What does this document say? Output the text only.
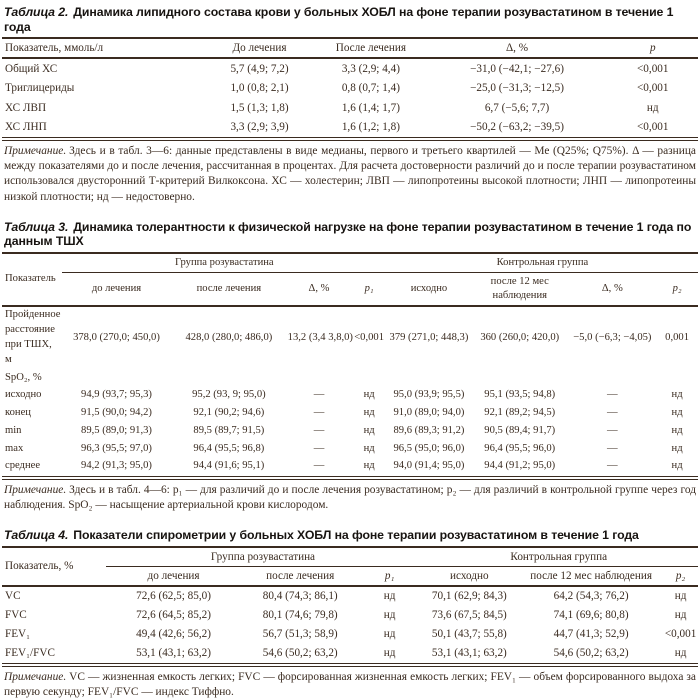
Таблица 2. Динамика липидного состава крови у больных ХОБЛ на фоне терапии розувастатином в течение 1 года

Показатель, ммоль/л	До лечения	После лечения	Δ, %	p
Общий ХС	5,7 (4,9; 7,2)	3,3 (2,9; 4,4)	−31,0 (−42,1; −27,6)	<0,001
Триглицериды	1,0 (0,8; 2,1)	0,8 (0,7; 1,4)	−25,0 (−31,3; −12,5)	<0,001
ХС ЛВП	1,5 (1,3; 1,8)	1,6 (1,4; 1,7)	6,7 (−5,6; 7,7)	нд
ХС ЛНП	3,3 (2,9; 3,9)	1,6 (1,2; 1,8)	−50,2 (−63,2; −39,5)	<0,001

Примечание. Здесь и в табл. 3—6: данные представлены в виде медианы, первого и третьего квартилей — Ме (Q25%; Q75%). Δ — разница между показателями до и после лечения, рассчитанная в процентах. Для расчета достоверности различий до и после терапии розувастатином использовался двусторонний Т-критерий Вилкоксона. ХС — холестерин; ЛВП — липопротеины высокой плотности; ЛНП — липопротеины низкой плотности; нд — недостоверно.

Таблица 3. Динамика толерантности к физической нагрузке на фоне терапии розувастатином в течение 1 года по данным ТШХ

Показатель	Группа розувастатина				Контрольная группа			
	до лечения	после лечения	Δ, %	p₁	исходно	после 12 мес наблюдения	Δ, %	p₂
Пройденное расстояние при ТШХ, м	378,0 (270,0; 450,0)	428,0 (280,0; 486,0)	13,2 (3,4 3,8,0)	<0,001	379 (271,0; 448,3)	360 (260,0; 420,0)	−5,0 (−6,3; −4,05)	0,001
SpO₂, %								
исходно	94,9 (93,7; 95,3)	95,2 (93, 9; 95,0)	—	нд	95,0 (93,9; 95,5)	95,1 (93,5; 94,8)	—	нд
конец	91,5 (90,0; 94,2)	92,1 (90,2; 94,6)	—	нд	91,0 (89,0; 94,0)	92,1 (89,2; 94,5)	—	нд
min	89,5 (89,0; 91,3)	89,5 (89,7; 91,5)	—	нд	89,6 (89,3; 91,2)	90,5 (89,4; 91,7)	—	нд
max	96,3 (95,5; 97,0)	96,4 (95,5; 96,8)	—	нд	96,5 (95,0; 96,0)	96,4 (95,5; 96,0)	—	нд
среднее	94,2 (91,3; 95,0)	94,4 (91,6; 95,1)	—	нд	94,0 (91,4; 95,0)	94,4 (91,2; 95,0)	—	нд

Примечание. Здесь и в табл. 4—6: p₁ — для различий до и после лечения розувастатином; p₂ — для различий в контрольной группе через год наблюдения. SpO₂ — насыщение артериальной крови кислородом.

Таблица 4. Показатели спирометрии у больных ХОБЛ на фоне терапии розувастатином в течение 1 года

Показатель, %	Группа розувастатина			Контрольная группа		
	до лечения	после лечения	p₁	исходно	после 12 мес наблюдения	p₂
VC	72,6 (62,5; 85,0)	80,4 (74,3; 86,1)	нд	70,1 (62,9; 84,3)	64,2 (54,3; 76,2)	нд
FVC	72,6 (64,5; 85,2)	80,1 (74,6; 79,8)	нд	73,6 (67,5; 84,5)	74,1 (69,6; 80,8)	нд
FEV₁	49,4 (42,6; 56,2)	56,7 (51,3; 58,9)	нд	50,1 (43,7; 55,8)	44,7 (41,3; 52,9)	<0,001
FEV₁/FVC	53,1 (43,1; 63,2)	54,6 (50,2; 63,2)	нд	53,1 (43,1; 63,2)	54,6 (50,2; 63,2)	нд

Примечание. VC — жизненная емкость легких; FVC — форсированная жизненная емкость легких; FEV₁ — объем форсированного выдоха за первую секунду; FEV₁/FVC — индекс Тиффно.
